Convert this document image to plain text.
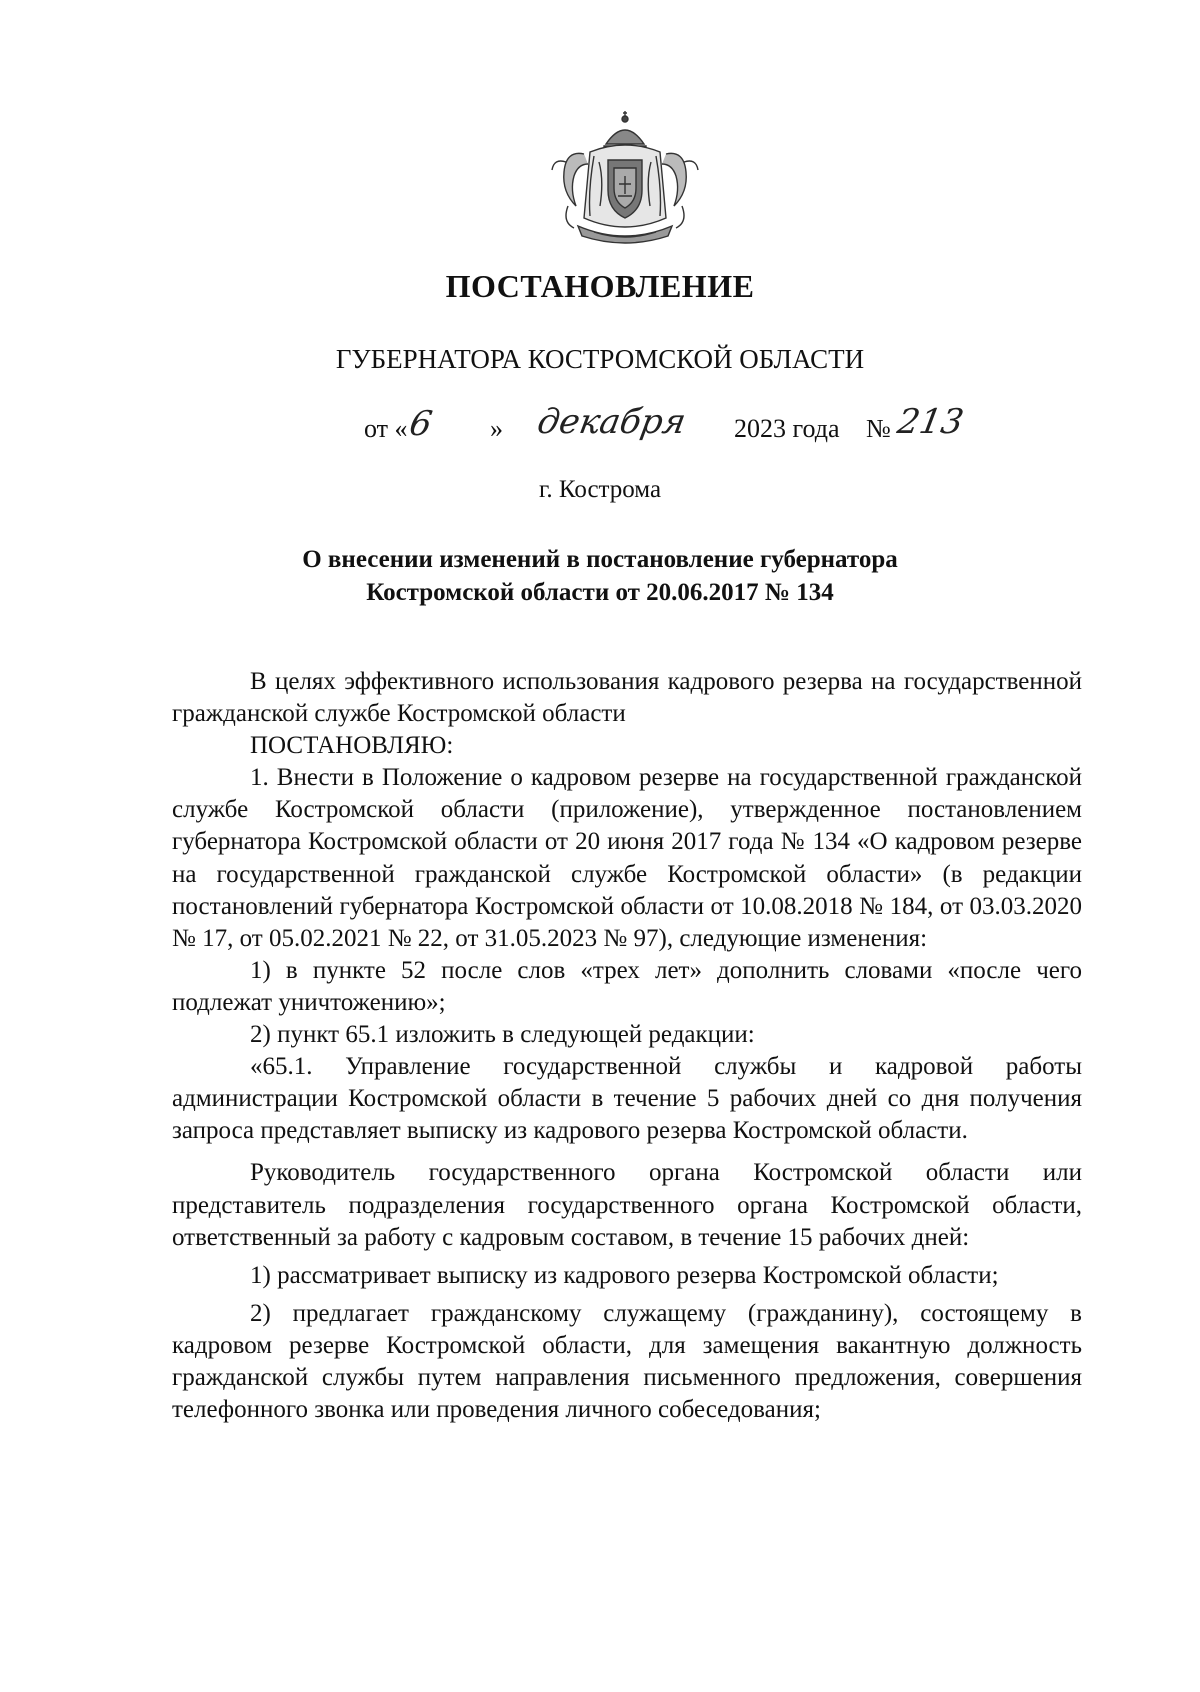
ПОСТАНОВЛЕНИЕ
ГУБЕРНАТОРА КОСТРОМСКОЙ ОБЛАСТИ
от «
6 » декабря 2023 года № 213
г. Кострома
О внесении изменений в постановление губернатора
Костромской области от 20.06.2017 № 134

В целях эффективного использования кадрового резерва на государственной гражданской службе Костромской области

ПОСТАНОВЛЯЮ:

1. Внести в Положение о кадровом резерве на государственной гражданской службе Костромской области (приложение), утвержденное постановлением губернатора Костромской области от 20 июня 2017 года № 134 «О кадровом резерве на государственной гражданской службе Костромской области» (в редакции постановлений губернатора Костромской области от 10.08.2018 № 184, от 03.03.2020 № 17, от 05.02.2021 № 22, от 31.05.2023 № 97), следующие изменения:

1) в пункте 52 после слов «трех лет» дополнить словами «после чего подлежат уничтожению»;

2) пункт 65.1 изложить в следующей редакции:

«65.1. Управление государственной службы и кадровой работы администрации Костромской области в течение 5 рабочих дней со дня получения запроса представляет выписку из кадрового резерва Костромской области.

Руководитель государственного органа Костромской области или представитель подразделения государственного органа Костромской области, ответственный за работу с кадровым составом, в течение 15 рабочих дней:

1) рассматривает выписку из кадрового резерва Костромской области;

2) предлагает гражданскому служащему (гражданину), состоящему в кадровом резерве Костромской области, для замещения вакантную должность гражданской службы путем направления письменного предложения, совершения телефонного звонка или проведения личного собеседования;
